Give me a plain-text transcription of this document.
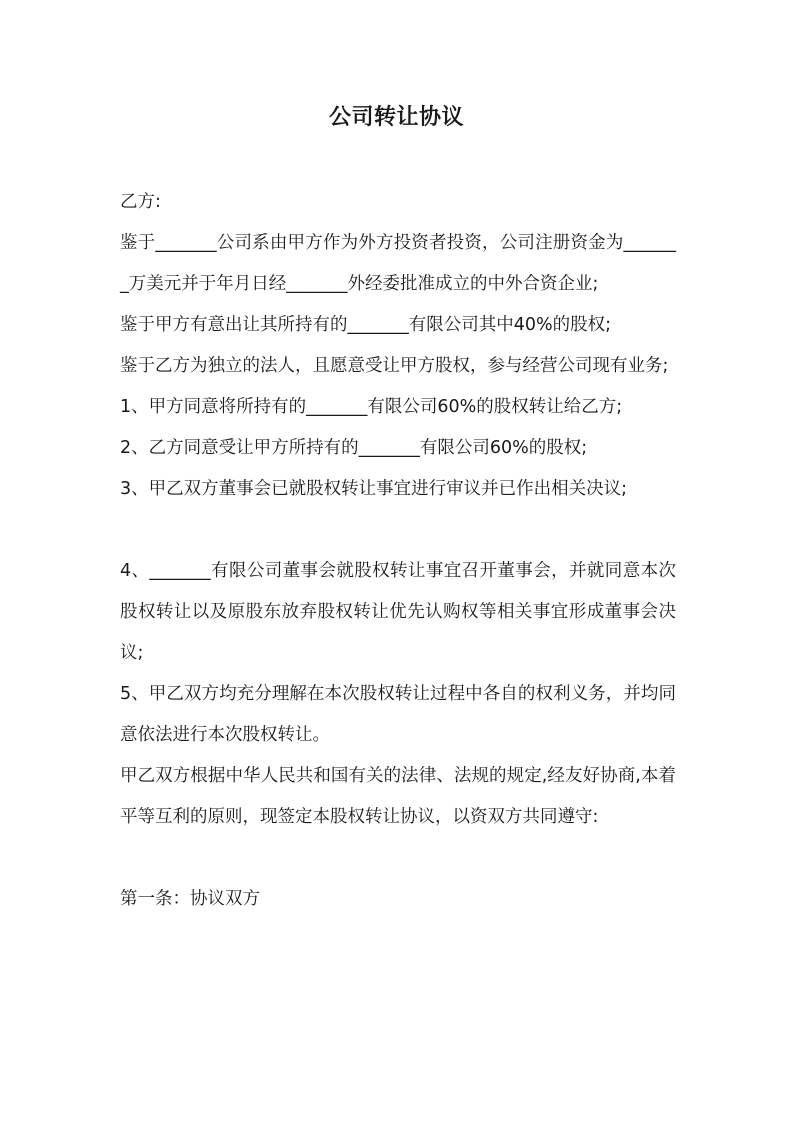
公司转让协议

乙方:

鉴于_______公司系由甲方作为外方投资者投资，公司注册资金为_______万美元并于年月日经_______外经委批准成立的中外合资企业;

鉴于甲方有意出让其所持有的_______有限公司其中40%的股权;

鉴于乙方为独立的法人，且愿意受让甲方股权，参与经营公司现有业务;

1、甲方同意将所持有的_______有限公司60%的股权转让给乙方;

2、乙方同意受让甲方所持有的_______有限公司60%的股权;

3、甲乙双方董事会已就股权转让事宜进行审议并已作出相关决议;

4、_______有限公司董事会就股权转让事宜召开董事会，并就同意本次股权转让以及原股东放弃股权转让优先认购权等相关事宜形成董事会决议;

5、甲乙双方均充分理解在本次股权转让过程中各自的权利义务，并均同意依法进行本次股权转让。

甲乙双方根据中华人民共和国有关的法律、法规的规定,经友好协商,本着平等互利的原则，现签定本股权转让协议，以资双方共同遵守:

第一条：协议双方
